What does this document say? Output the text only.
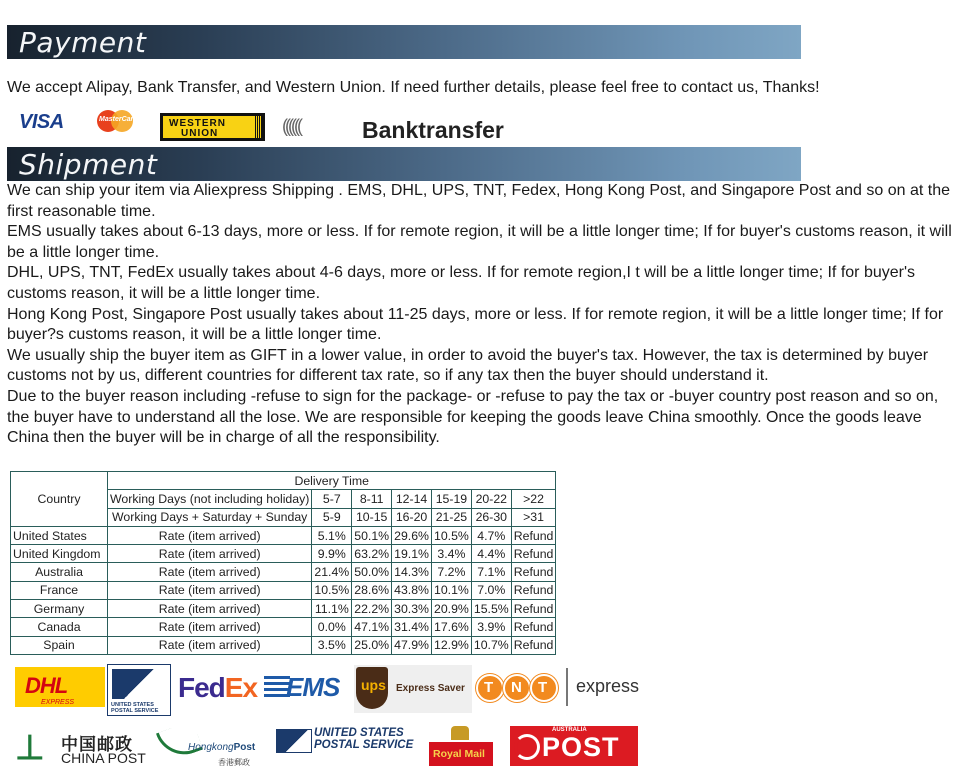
Payment
We accept Alipay, Bank Transfer, and Western Union. If need further details, please feel free to contact us, Thanks!
VISA	MasterCard	WESTERN
UNION	((((((	Banktransfer
Shipment

We can ship your item via Aliexpress Shipping . EMS, DHL, UPS, TNT, Fedex, Hong Kong Post, and Singapore Post and so on at the first reasonable time.

EMS usually takes about 6-13 days, more or less. If for remote region, it will be a little longer time; If for buyer's customs reason, it will be a little longer time.

DHL, UPS, TNT, FedEx usually takes about 4-6 days, more or less. If for remote region,I t will be a little longer time; If for buyer's customs reason, it will be a little longer time.

Hong Kong Post, Singapore Post usually takes about 11-25 days, more or less. If for remote region, it will be a little longer time; If for buyer?s customs reason, it will be a little longer time.

We usually ship the buyer item as GIFT in a lower value, in order to avoid the buyer's tax. However, the tax is determined by buyer customs not by us, different countries for different tax rate, so if any tax then the buyer should understand it.

Due to the buyer reason including -refuse to sign for the package- or -refuse to pay the tax or -buyer country post reason and so on, the buyer have to understand all the lose. We are responsible for keeping the goods leave China smoothly. Once the goods leave China then the buyer will be in charge of all the responsibility.

Country	Delivery Time						
	Working Days (not including holiday)	5-7	8-11	12-14	15-19	20-22	>22
	Working Days + Saturday + Sunday	5-9	10-15	16-20	21-25	26-30	>31
United States	Rate (item arrived)	5.1%	50.1%	29.6%	10.5%	4.7%	Refund
United Kingdom	Rate (item arrived)	9.9%	63.2%	19.1%	3.4%	4.4%	Refund
Australia	Rate (item arrived)	21.4%	50.0%	14.3%	7.2%	7.1%	Refund
France	Rate (item arrived)	10.5%	28.6%	43.8%	10.1%	7.0%	Refund
Germany	Rate (item arrived)	11.1%	22.2%	30.3%	20.9%	15.5%	Refund
Canada	Rate (item arrived)	0.0%	47.1%	31.4%	17.6%	3.9%	Refund
Spain	Rate (item arrived)	3.5%	25.0%	47.9%	12.9%	10.7%	Refund
DHL
EXPRESS	UNITED STATES POSTAL SERVICE
FedEx EMS ups Express Saver T N T express
⊥ 中国邮政
CHINA POST
HongkongPost
香港郵政
UNITED STATES POSTAL SERVICE
Royal Mail
AUSTRALIA
POST
